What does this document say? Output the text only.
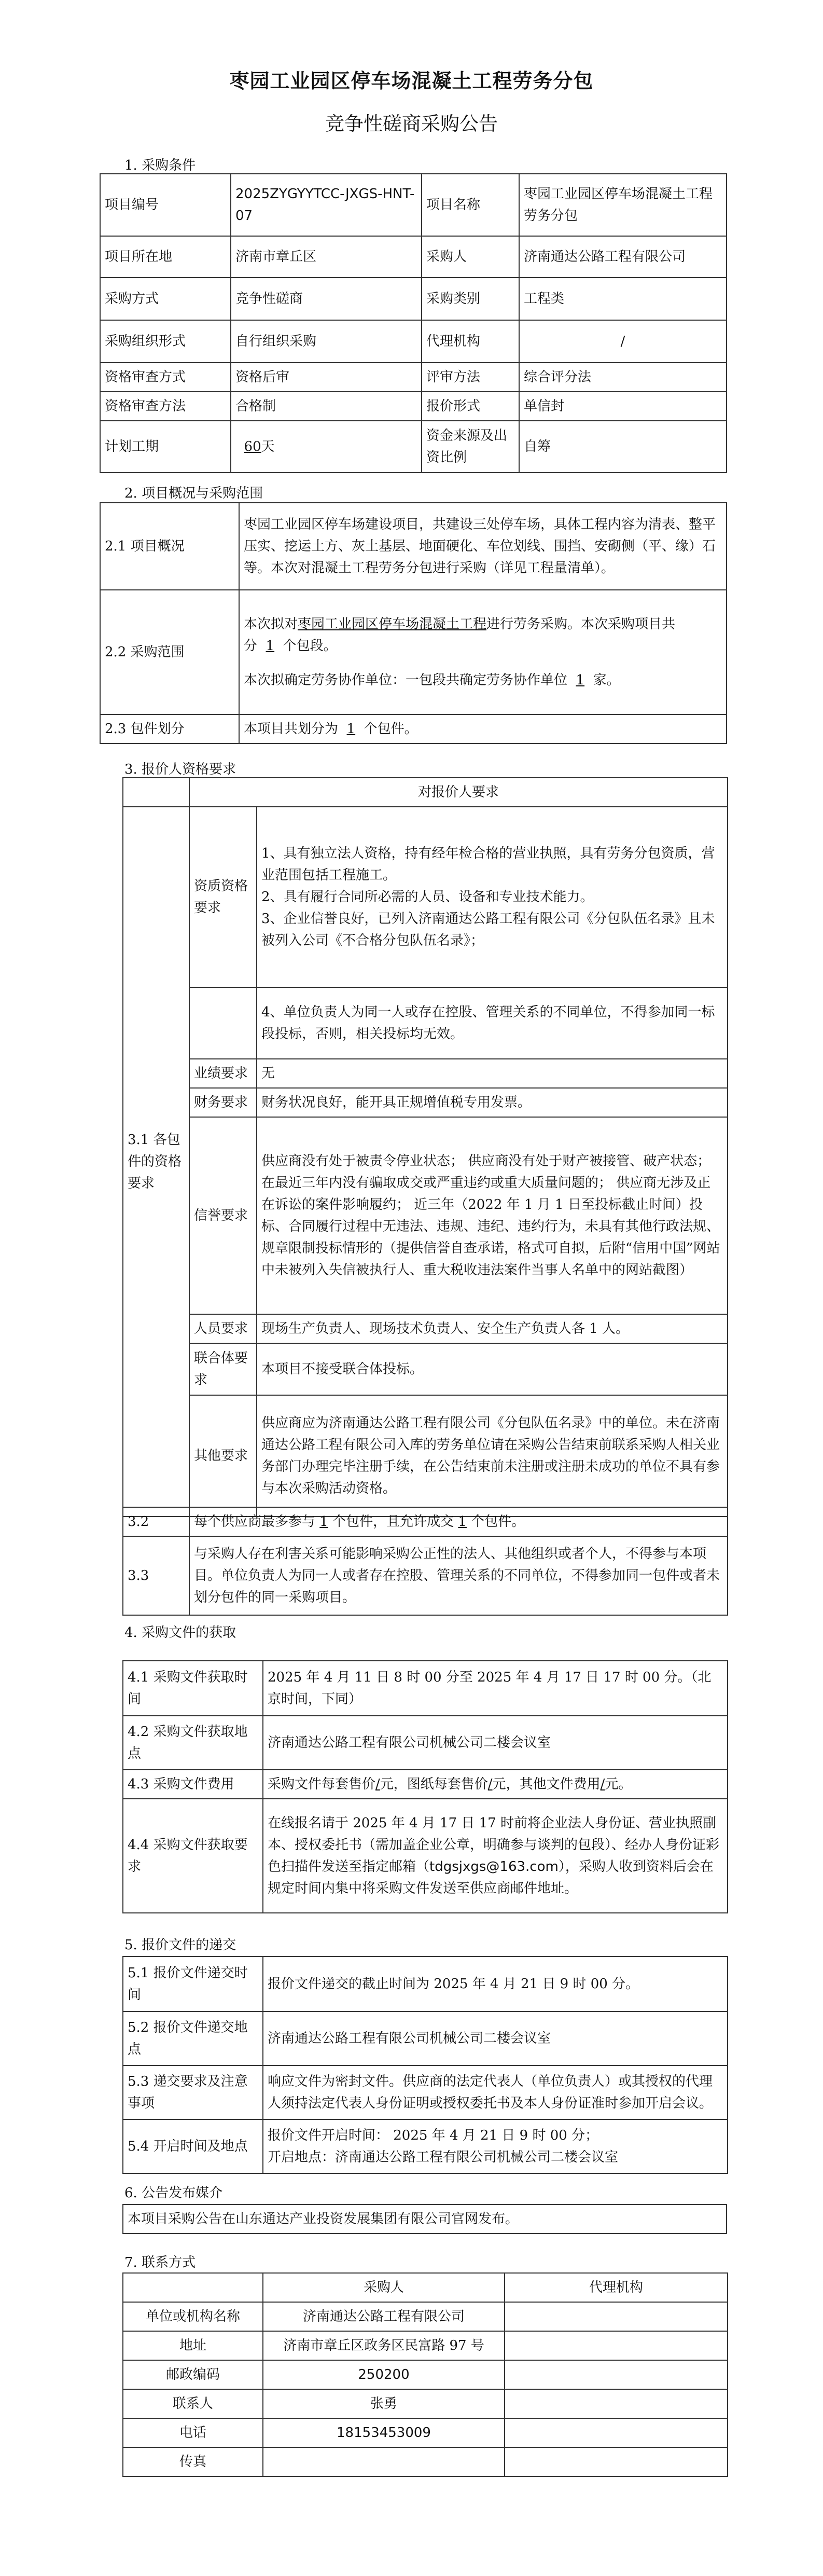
枣园工业园区停车场混凝土工程劳务分包
竞争性磋商采购公告
1. 采购条件
项目编号	2025ZYGYYTCC-JXGS-HNT-07	项目名称	枣园工业园区停车场混凝土工程劳务分包
项目所在地	济南市章丘区	采购人	济南通达公路工程有限公司
采购方式	竞争性磋商	采购类别	工程类
采购组织形式	自行组织采购	代理机构	/
资格审查方式	资格后审	评审方法	综合评分法
资格审查方法	合格制	报价形式	单信封
计划工期	60天	资金来源及出资比例	自筹
2. 项目概况与采购范围
2.1 项目概况	枣园工业园区停车场建设项目，共建设三处停车场，具体工程内容为清表、整平压实、挖运土方、灰土基层、地面硬化、车位划线、围挡、安砌侧（平、缘）石等。本次对混凝土工程劳务分包进行采购（详见工程量清单）。
2.2 采购范围	本次拟对枣园工业园区停车场混凝土工程进行劳务采购。本次采购项目共分 1 个包段。

本次拟确定劳务协作单位：一包段共确定劳务协作单位 1 家。

2.3 包件划分	本项目共划分为 1 个包件。
3. 报价人资格要求
	对报价人要求	
3.1 各包件的资格要求	资质资格要求	1、具有独立法人资格，持有经年检合格的营业执照，具有劳务分包资质，营业范围包括工程施工。

2、具有履行合同所必需的人员、设备和专业技术能力。

3、企业信誉良好，已列入济南通达公路工程有限公司《分包队伍名录》且未被列入公司《不合格分包队伍名录》；

		4、单位负责人为同一人或存在控股、管理关系的不同单位，不得参加同一标段投标，否则，相关投标均无效。
	业绩要求	无
	财务要求	财务状况良好，能开具正规增值税专用发票。
	信誉要求	供应商没有处于被责令停业状态； 供应商没有处于财产被接管、破产状态；在最近三年内没有骗取成交或严重违约或重大质量问题的； 供应商无涉及正在诉讼的案件影响履约； 近三年（2022 年 1 月 1 日至投标截止时间）投标、合同履行过程中无违法、违规、违纪、违约行为，未具有其他行政法规、规章限制投标情形的（提供信誉自查承诺，格式可自拟，后附“信用中国”网站中未被列入失信被执行人、重大税收违法案件当事人名单中的网站截图）
	人员要求	现场生产负责人、现场技术负责人、安全生产负责人各 1 人。
	联合体要求	本项目不接受联合体投标。
	其他要求	供应商应为济南通达公路工程有限公司《分包队伍名录》中的单位。未在济南通达公路工程有限公司入库的劳务单位请在采购公告结束前联系采购人相关业务部门办理完毕注册手续，在公告结束前未注册或注册未成功的单位不具有参与本次采购活动资格。
3.2	每个供应商最多参与 1 个包件，且允许成交 1 个包件。
3.3	与采购人存在利害关系可能影响采购公正性的法人、其他组织或者个人，不得参与本项目。单位负责人为同一人或者存在控股、管理关系的不同单位，不得参加同一包件或者未划分包件的同一采购项目。
4. 采购文件的获取
4.1 采购文件获取时间	2025 年 4 月 11 日 8 时 00 分至 2025 年 4 月 17 日 17 时 00 分。（北京时间，下同）
4.2 采购文件获取地点	济南通达公路工程有限公司机械公司二楼会议室
4.3 采购文件费用	采购文件每套售价/元，图纸每套售价/元，其他文件费用/元。
4.4 采购文件获取要求	在线报名请于 2025 年 4 月 17 日 17 时前将企业法人身份证、营业执照副本、授权委托书（需加盖企业公章，明确参与谈判的包段）、经办人身份证彩色扫描件发送至指定邮箱（tdgsjxgs@163.com），采购人收到资料后会在规定时间内集中将采购文件发送至供应商邮件地址。
5. 报价文件的递交
5.1 报价文件递交时间	报价文件递交的截止时间为 2025 年 4 月 21 日 9 时 00 分。
5.2 报价文件递交地点	济南通达公路工程有限公司机械公司二楼会议室
5.3 递交要求及注意事项	响应文件为密封文件。供应商的法定代表人（单位负责人）或其授权的代理人须持法定代表人身份证明或授权委托书及本人身份证准时参加开启会议。
5.4 开启时间及地点	报价文件开启时间： 2025 年 4 月 21 日 9 时 00 分；

开启地点：济南通达公路工程有限公司机械公司二楼会议室

6. 公告发布媒介
本项目采购公告在山东通达产业投资发展集团有限公司官网发布。
7. 联系方式
	采购人	代理机构
单位或机构名称	济南通达公路工程有限公司	
地址	济南市章丘区政务区民富路 97 号	
邮政编码	250200	
联系人	张勇	
电话	18153453009	
传真		
